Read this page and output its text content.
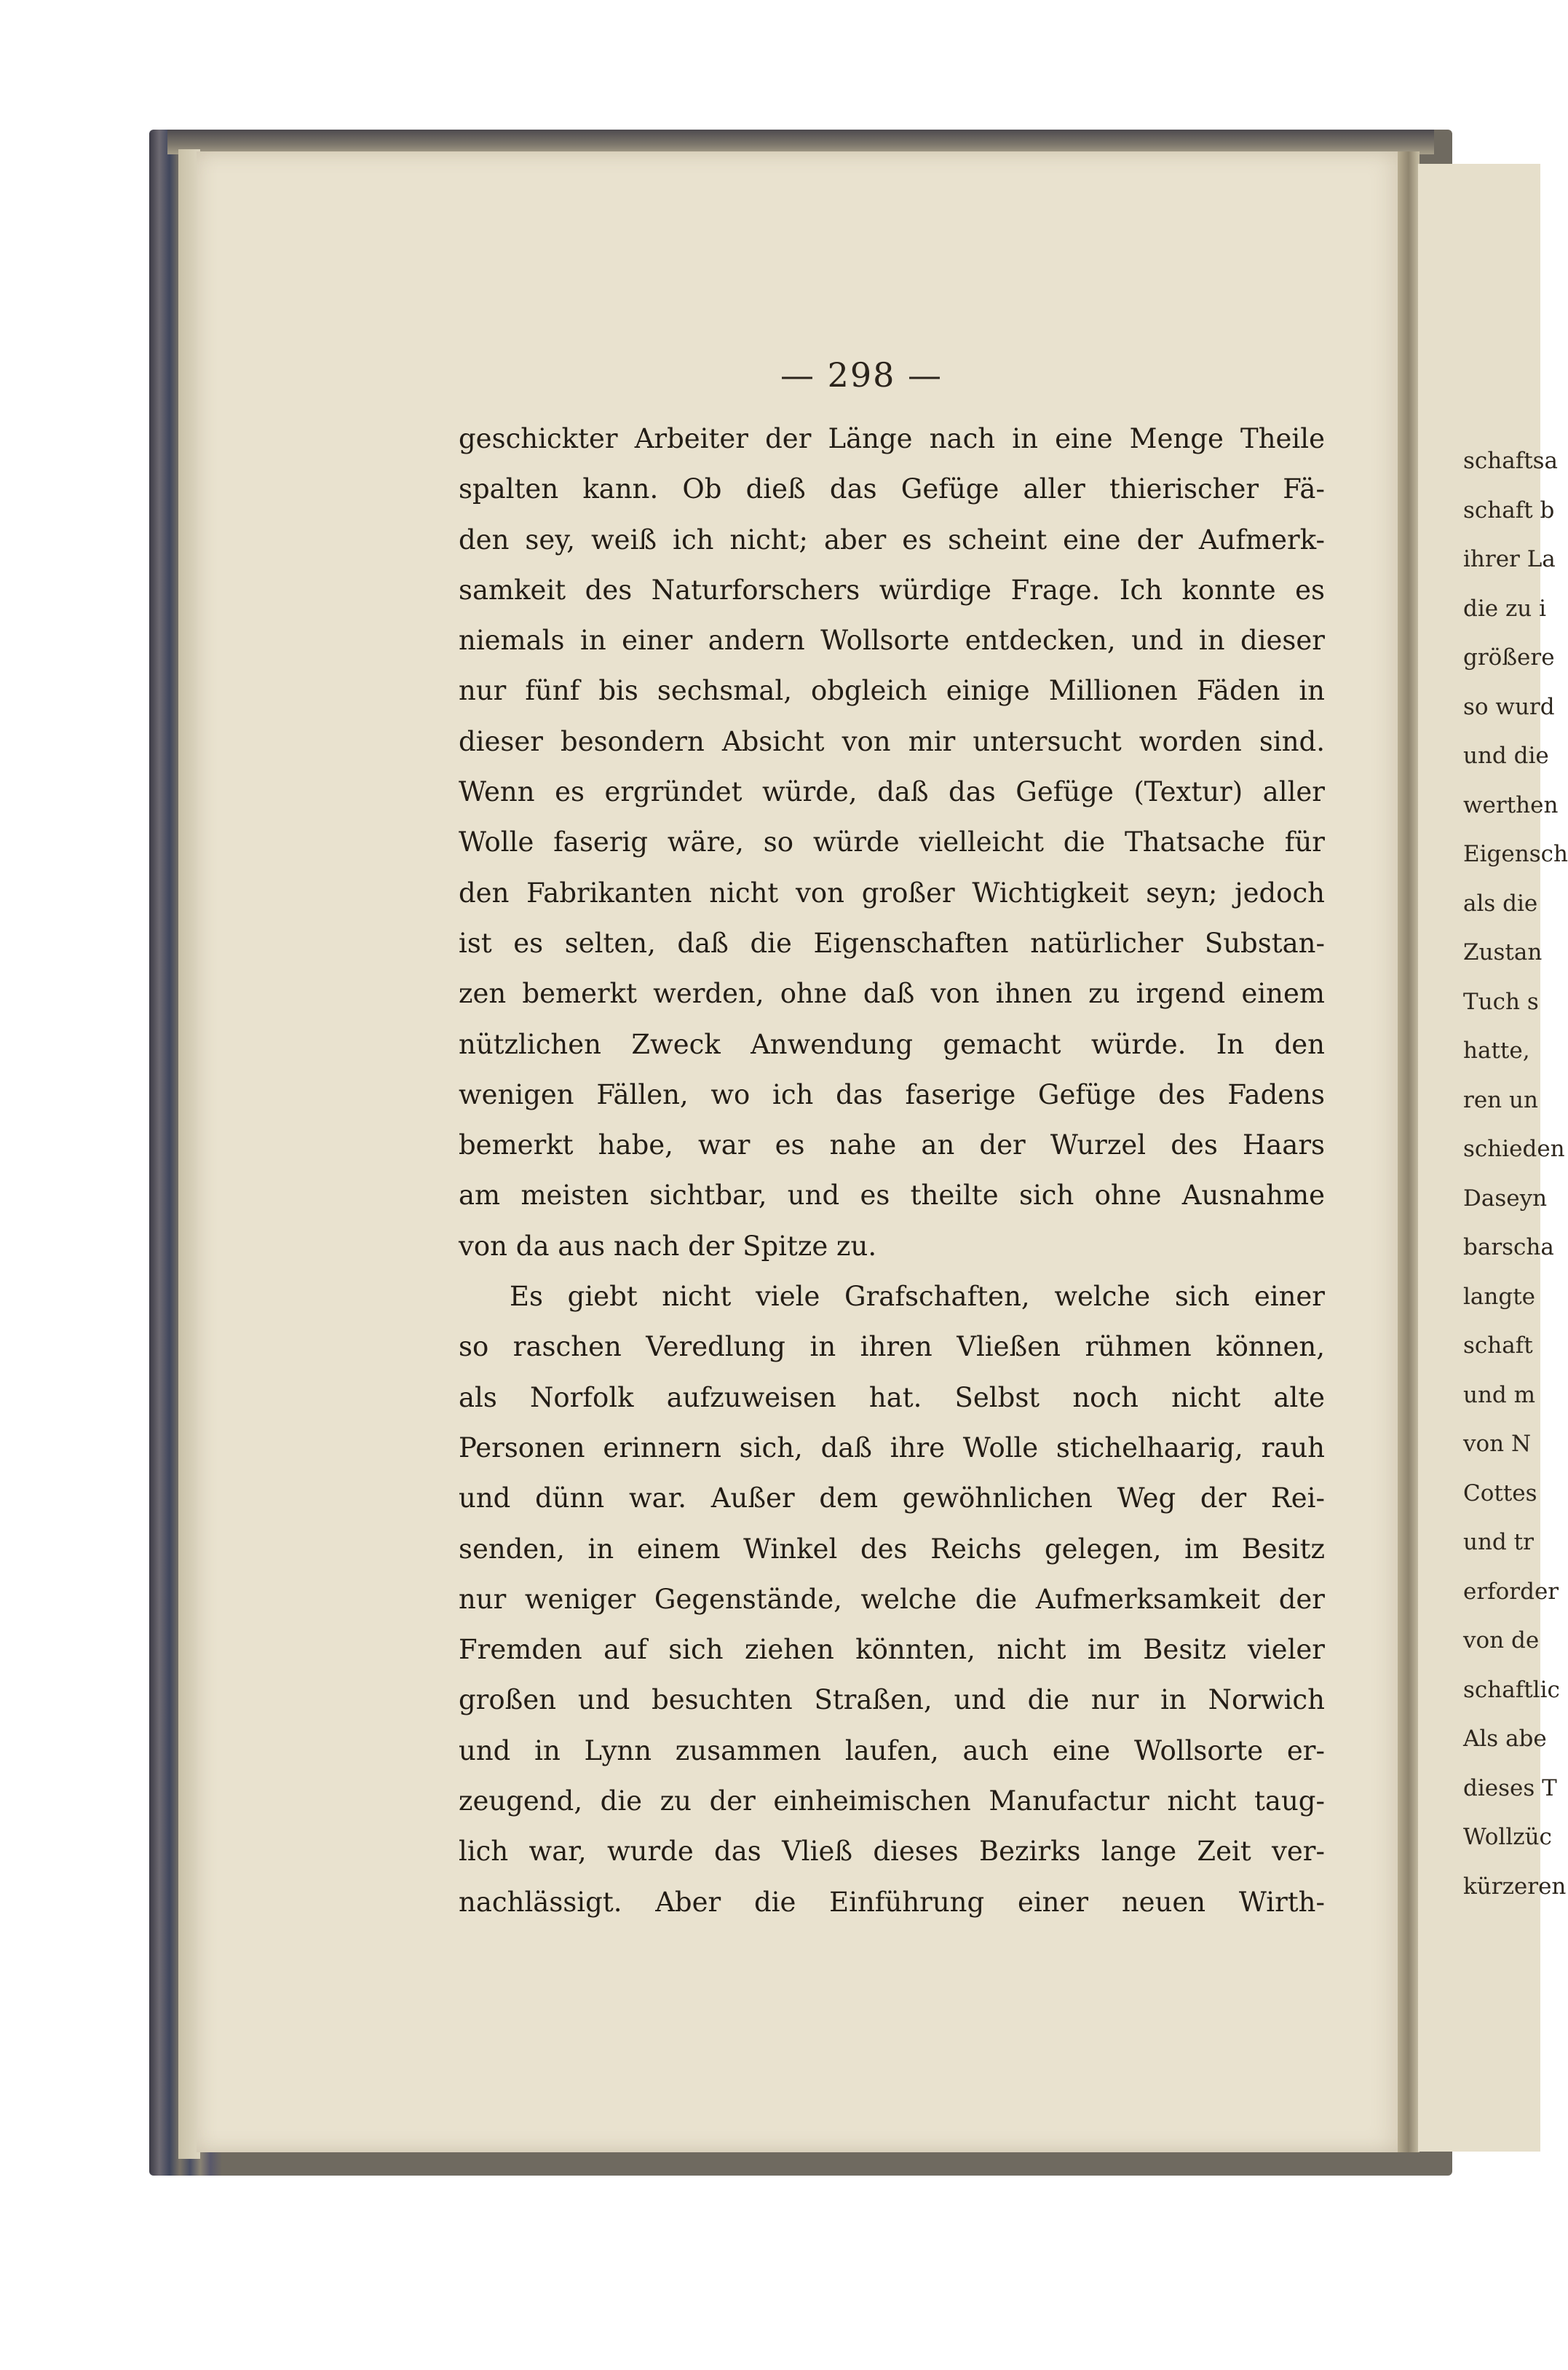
— 298 —
geschickter Arbeiter der Länge nach in eine Menge Theile
spalten kann. Ob dieß das Gefüge aller thierischer Fä-
den sey, weiß ich nicht; aber es scheint eine der Aufmerk-
samkeit des Naturforschers würdige Frage. Ich konnte es
niemals in einer andern Wollsorte entdecken, und in dieser
nur fünf bis sechsmal, obgleich einige Millionen Fäden in
dieser besondern Absicht von mir untersucht worden sind.
Wenn es ergründet würde, daß das Gefüge (Textur) aller
Wolle faserig wäre, so würde vielleicht die Thatsache für
den Fabrikanten nicht von großer Wichtigkeit seyn; jedoch
ist es selten, daß die Eigenschaften natürlicher Substan-
zen bemerkt werden, ohne daß von ihnen zu irgend einem
nützlichen Zweck Anwendung gemacht würde. In den
wenigen Fällen, wo ich das faserige Gefüge des Fadens
bemerkt habe, war es nahe an der Wurzel des Haars
am meisten sichtbar, und es theilte sich ohne Ausnahme
von da aus nach der Spitze zu.
Es giebt nicht viele Grafschaften, welche sich einer
so raschen Veredlung in ihren Vließen rühmen können,
als Norfolk aufzuweisen hat. Selbst noch nicht alte
Personen erinnern sich, daß ihre Wolle stichelhaarig, rauh
und dünn war. Außer dem gewöhnlichen Weg der Rei-
senden, in einem Winkel des Reichs gelegen, im Besitz
nur weniger Gegenstände, welche die Aufmerksamkeit der
Fremden auf sich ziehen könnten, nicht im Besitz vieler
großen und besuchten Straßen, und die nur in Norwich
und in Lynn zusammen laufen, auch eine Wollsorte er-
zeugend, die zu der einheimischen Manufactur nicht taug-
lich war, wurde das Vließ dieses Bezirks lange Zeit ver-
nachlässigt. Aber die Einführung einer neuen Wirth-
schaftsa
schaft b
ihrer La
die zu i
größere
so wurd
und die
werthen
Eigensch
als die
Zustan
Tuch s
hatte,
ren un
schieden
Daseyn
barscha
langte
schaft
und m
von N
Cottes
und tr
erforder
von de
schaftlic
Als abe
dieses T
Wollzüc
kürzeren
